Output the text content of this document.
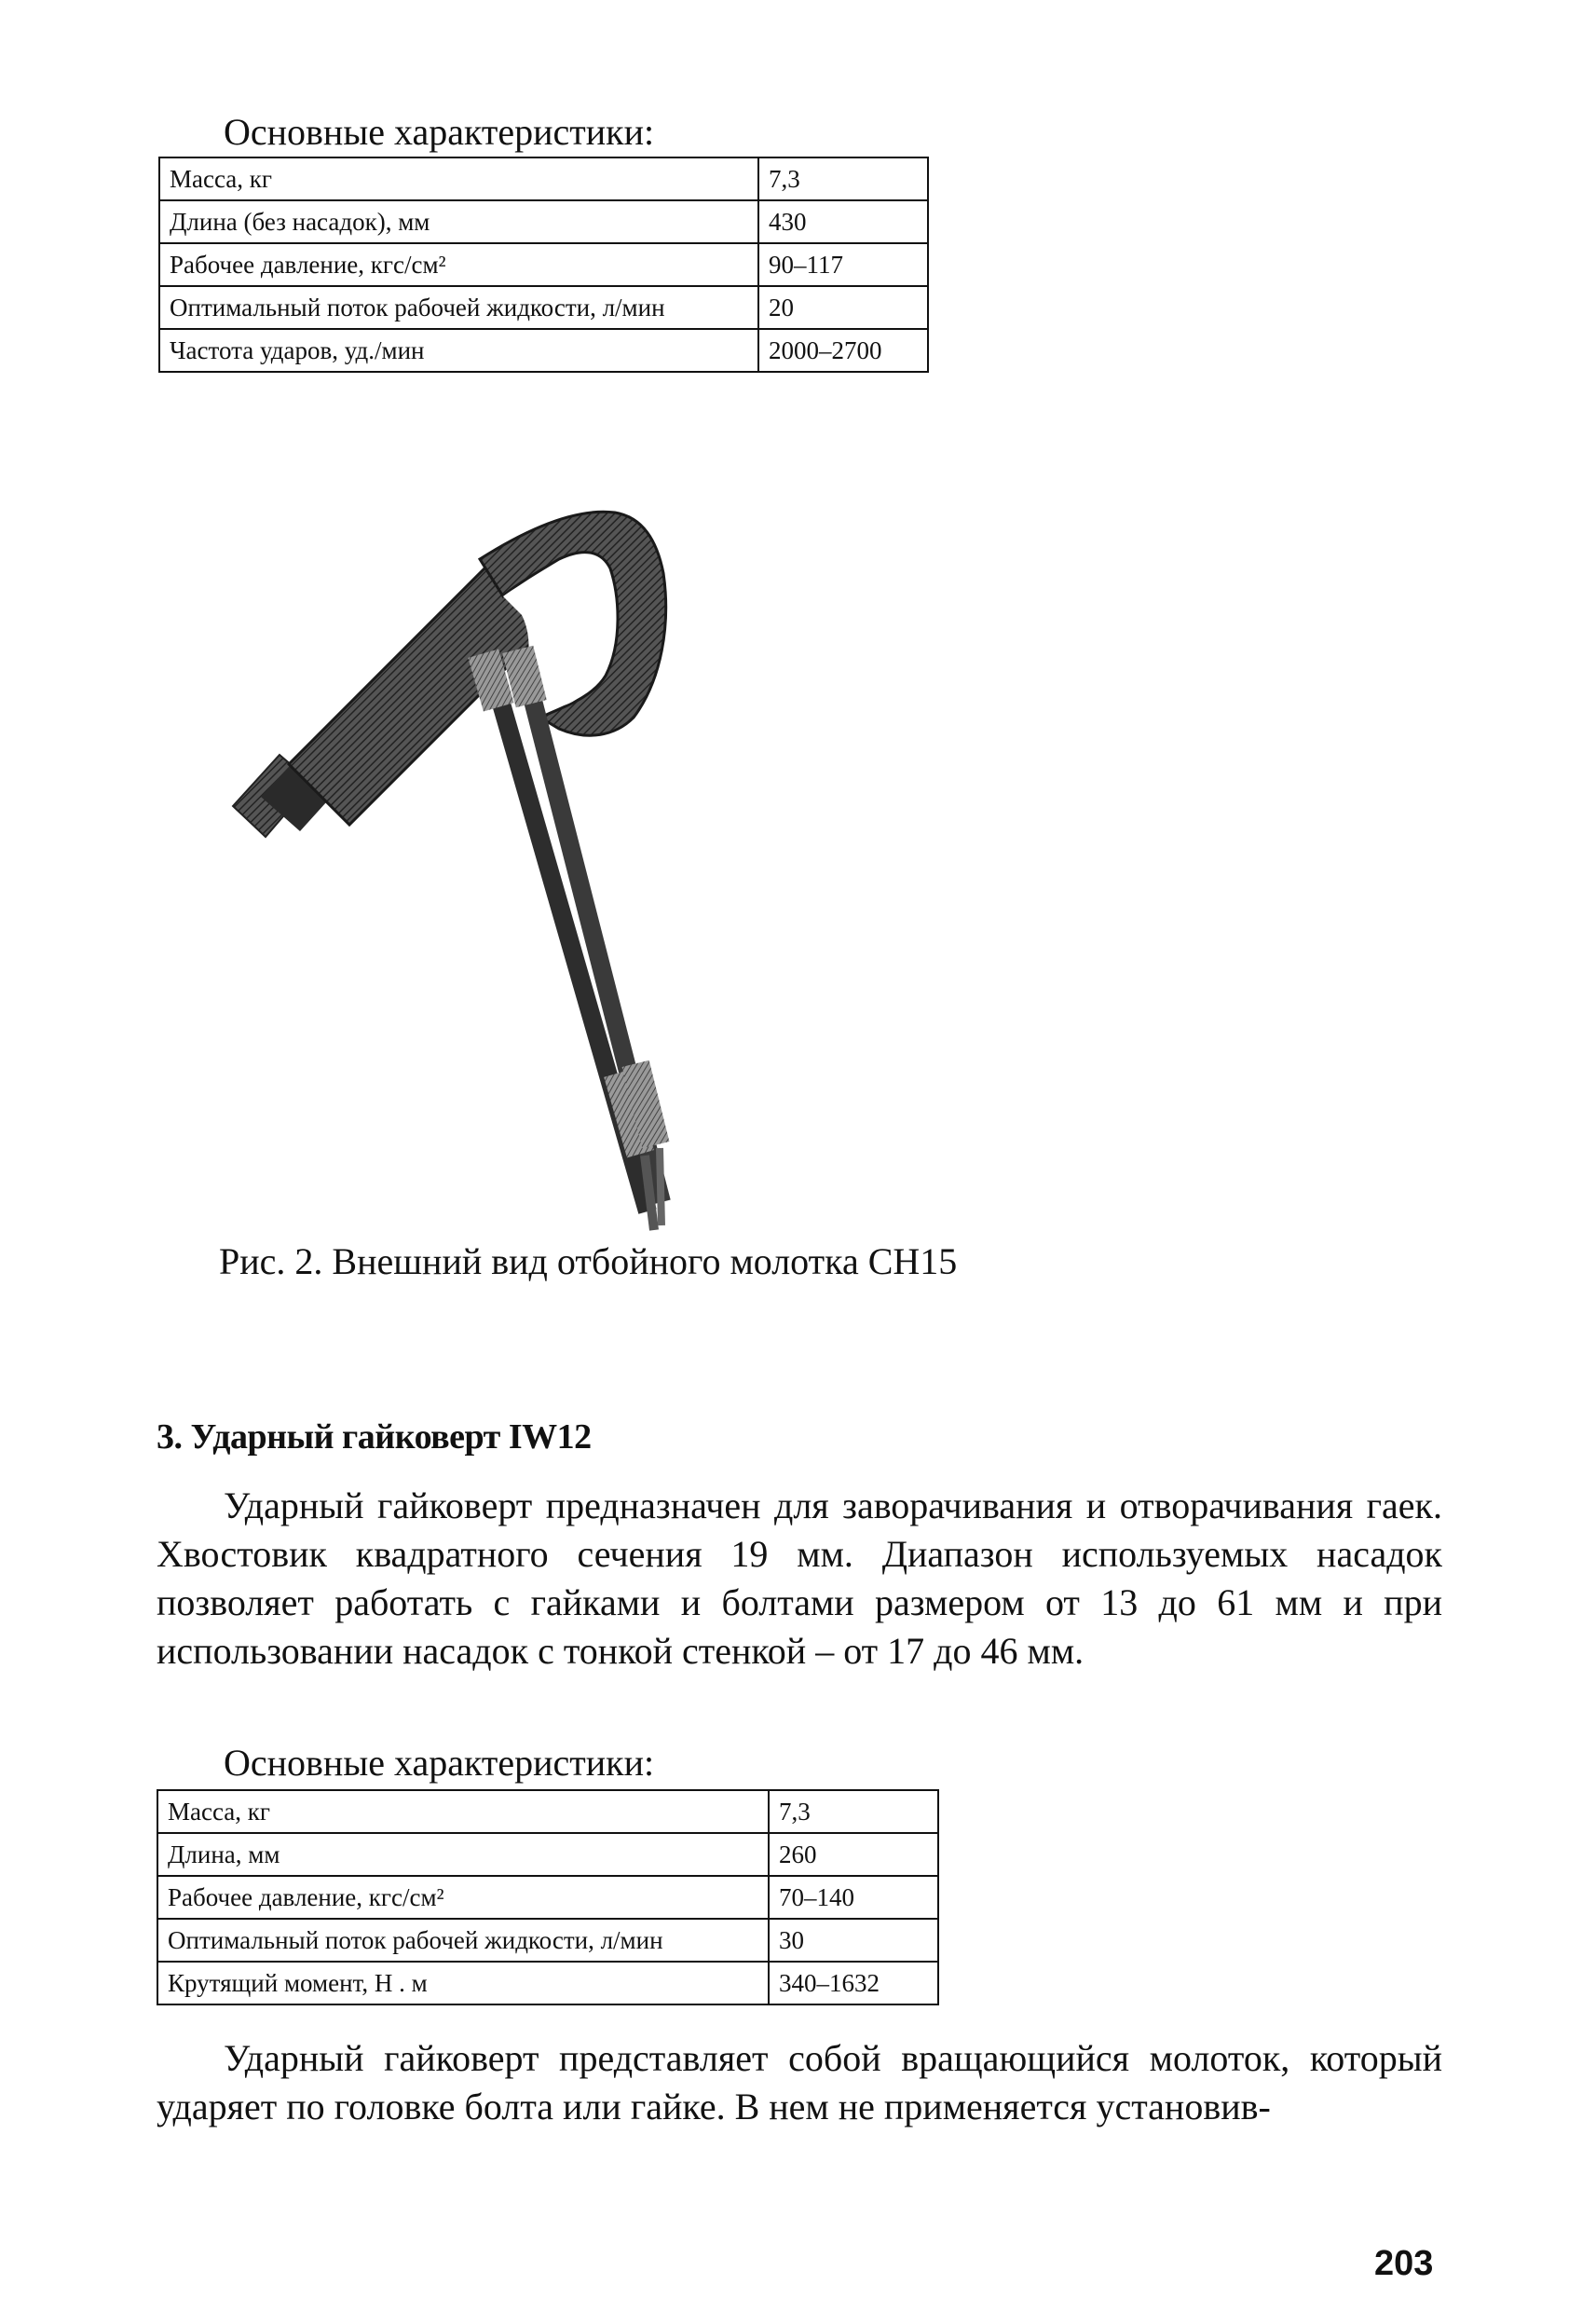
Основные характеристики:
Масса, кг	7,3
Длина (без насадок), мм	430
Рабочее давление, кгс/см²	90–117
Оптимальный поток рабочей жидкости, л/мин	20
Частота ударов, уд./мин	2000–2700
Рис. 2. Внешний вид отбойного молотка CH15
3. Ударный гайковерт IW12

Ударный гайковерт предназначен для заворачивания и отворачивания гаек. Хвостовик квадратного сечения 19 мм. Диапазон используемых насадок позволяет работать с гайками и болтами размером от 13 до 61 мм и при использовании насадок с тонкой стенкой – от 17 до 46 мм.

Основные характеристики:
Масса, кг	7,3
Длина, мм	260
Рабочее давление, кгс/см²	70–140
Оптимальный поток рабочей жидкости, л/мин	30
Крутящий момент, Н . м	340–1632

Ударный гайковерт представляет собой вращающийся молоток, который ударяет по головке болта или гайке. В нем не применяется установив-

203
